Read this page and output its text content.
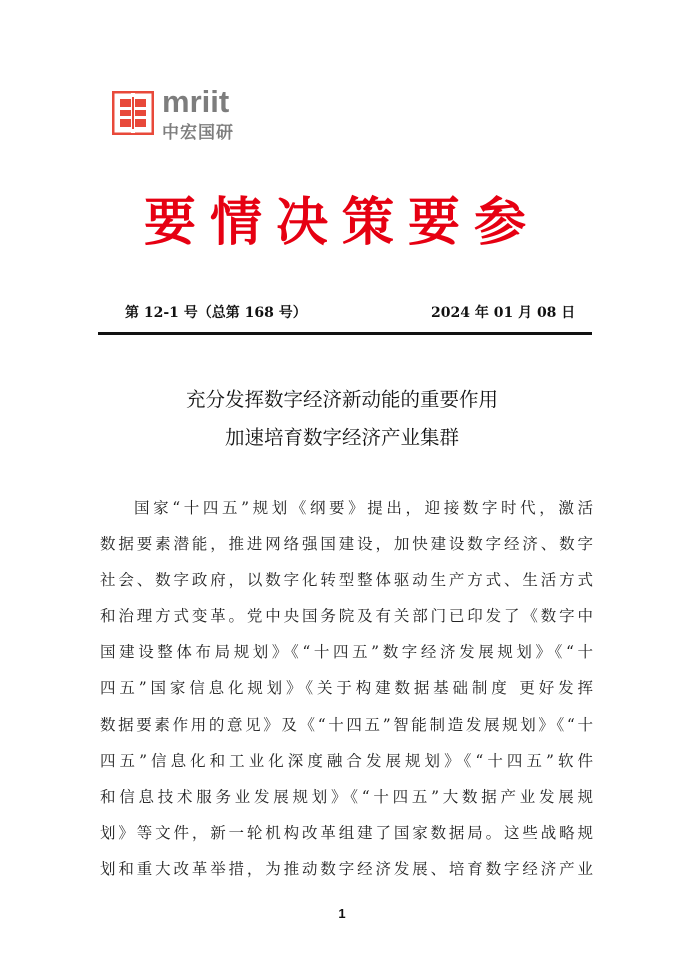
mriit
中宏国研
要情决策要参
第 12-1 号（总第 168 号）	2024 年 01 月 08 日
充分发挥数字经济新动能的重要作用
加速培育数字经济产业集群
国家“十四五”规划《纲要》提出，迎接数字时代，激活
数据要素潜能，推进网络强国建设，加快建设数字经济、数字
社会、数字政府，以数字化转型整体驱动生产方式、生活方式
和治理方式变革。党中央国务院及有关部门已印发了《数字中
国建设整体布局规划》《“十四五”数字经济发展规划》《“十
四五”国家信息化规划》《关于构建数据基础制度 更好发挥
数据要素作用的意见》及《“十四五”智能制造发展规划》《“十
四五”信息化和工业化深度融合发展规划》《“十四五”软件
和信息技术服务业发展规划》《“十四五”大数据产业发展规
划》等文件，新一轮机构改革组建了国家数据局。这些战略规
划和重大改革举措，为推动数字经济发展、培育数字经济产业
1
